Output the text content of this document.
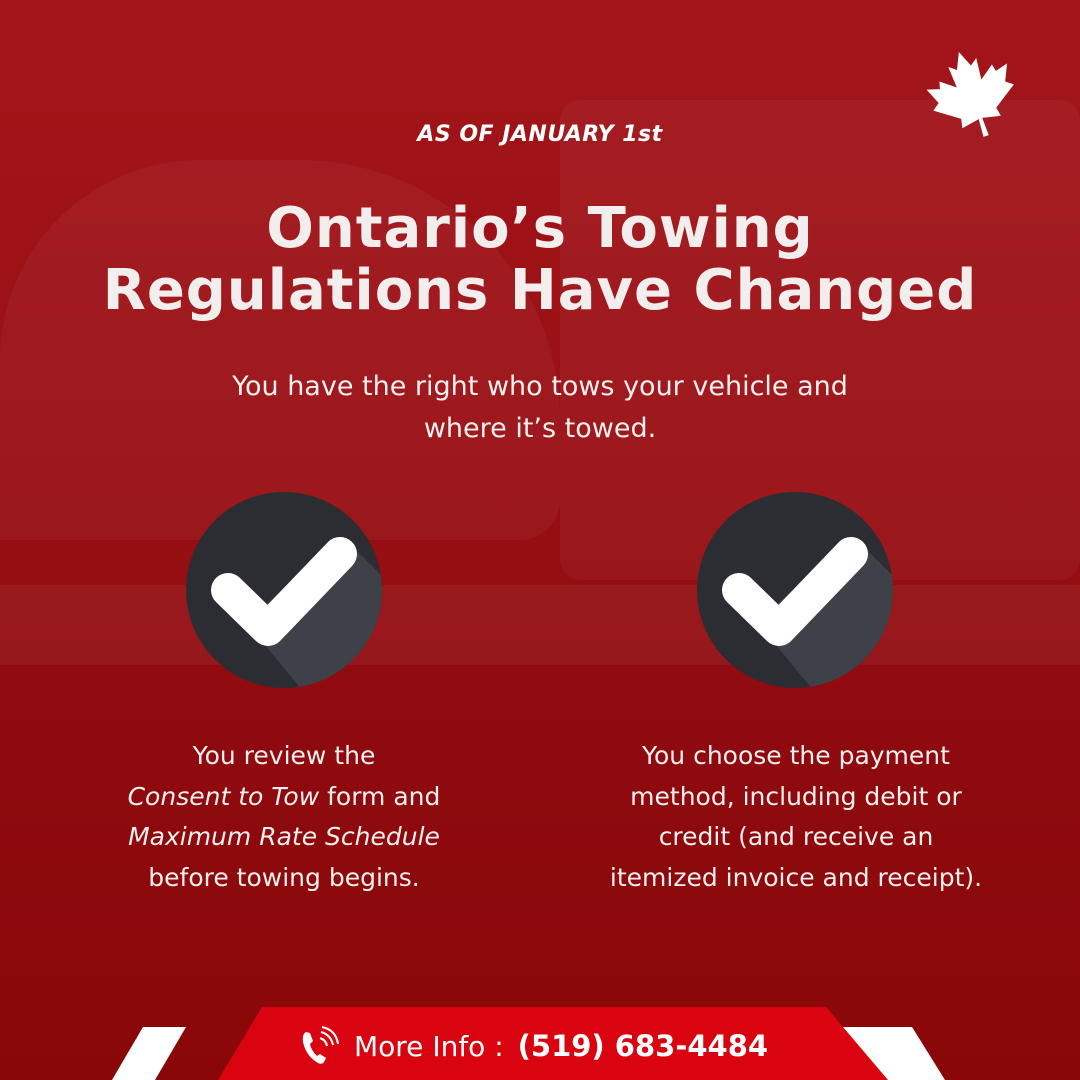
AS OF JANUARY 1st
Ontario’s Towing
Regulations Have Changed
You have the right who tows your vehicle and
where it’s towed.
You review the
Consent to Tow form and
Maximum Rate Schedule
before towing begins.
You choose the payment
method, including debit or
credit (and receive an
itemized invoice and receipt).
More Info : (519) 683-4484
